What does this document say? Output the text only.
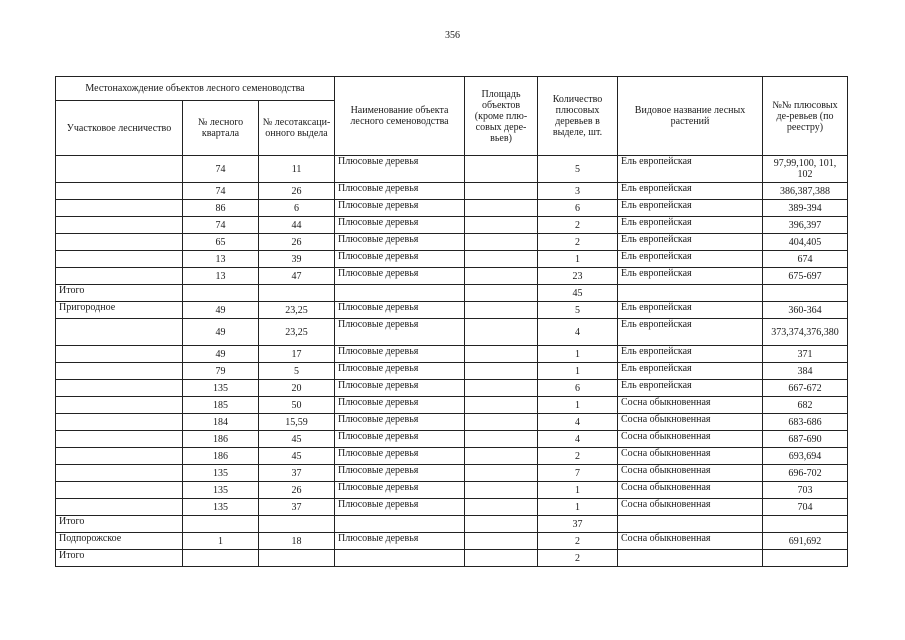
356
Местонахождение объектов лесного семеноводства			Наименование объекта лесного семеноводства	Площадь объектов (кроме плю-совых дере-вьев)	Количество плюсовых деревьев в выделе, шт.	Видовое название лесных растений	№№ плюсовых де-ревьев (по реестру)
Участковое лесничество	№ лесного квартала	№ лесотаксаци-онного выдела					
	74	11	Плюсовые деревья		5	Ель европейская	97,99,100, 101, 102
	74	26	Плюсовые деревья		3	Ель европейская	386,387,388
	86	6	Плюсовые деревья		6	Ель европейская	389-394
	74	44	Плюсовые деревья		2	Ель европейская	396,397
	65	26	Плюсовые деревья		2	Ель европейская	404,405
	13	39	Плюсовые деревья		1	Ель европейская	674
	13	47	Плюсовые деревья		23	Ель европейская	675-697
Итого					45		
Пригородное	49	23,25	Плюсовые деревья		5	Ель европейская	360-364
	49	23,25	Плюсовые деревья		4	Ель европейская	373,374,376,380
	49	17	Плюсовые деревья		1	Ель европейская	371
	79	5	Плюсовые деревья		1	Ель европейская	384
	135	20	Плюсовые деревья		6	Ель европейская	667-672
	185	50	Плюсовые деревья		1	Сосна обыкновенная	682
	184	15,59	Плюсовые деревья		4	Сосна обыкновенная	683-686
	186	45	Плюсовые деревья		4	Сосна обыкновенная	687-690
	186	45	Плюсовые деревья		2	Сосна обыкновенная	693,694
	135	37	Плюсовые деревья		7	Сосна обыкновенная	696-702
	135	26	Плюсовые деревья		1	Сосна обыкновенная	703
	135	37	Плюсовые деревья		1	Сосна обыкновенная	704
Итого					37		
Подпорожское	1	18	Плюсовые деревья		2	Сосна обыкновенная	691,692
Итого					2		
